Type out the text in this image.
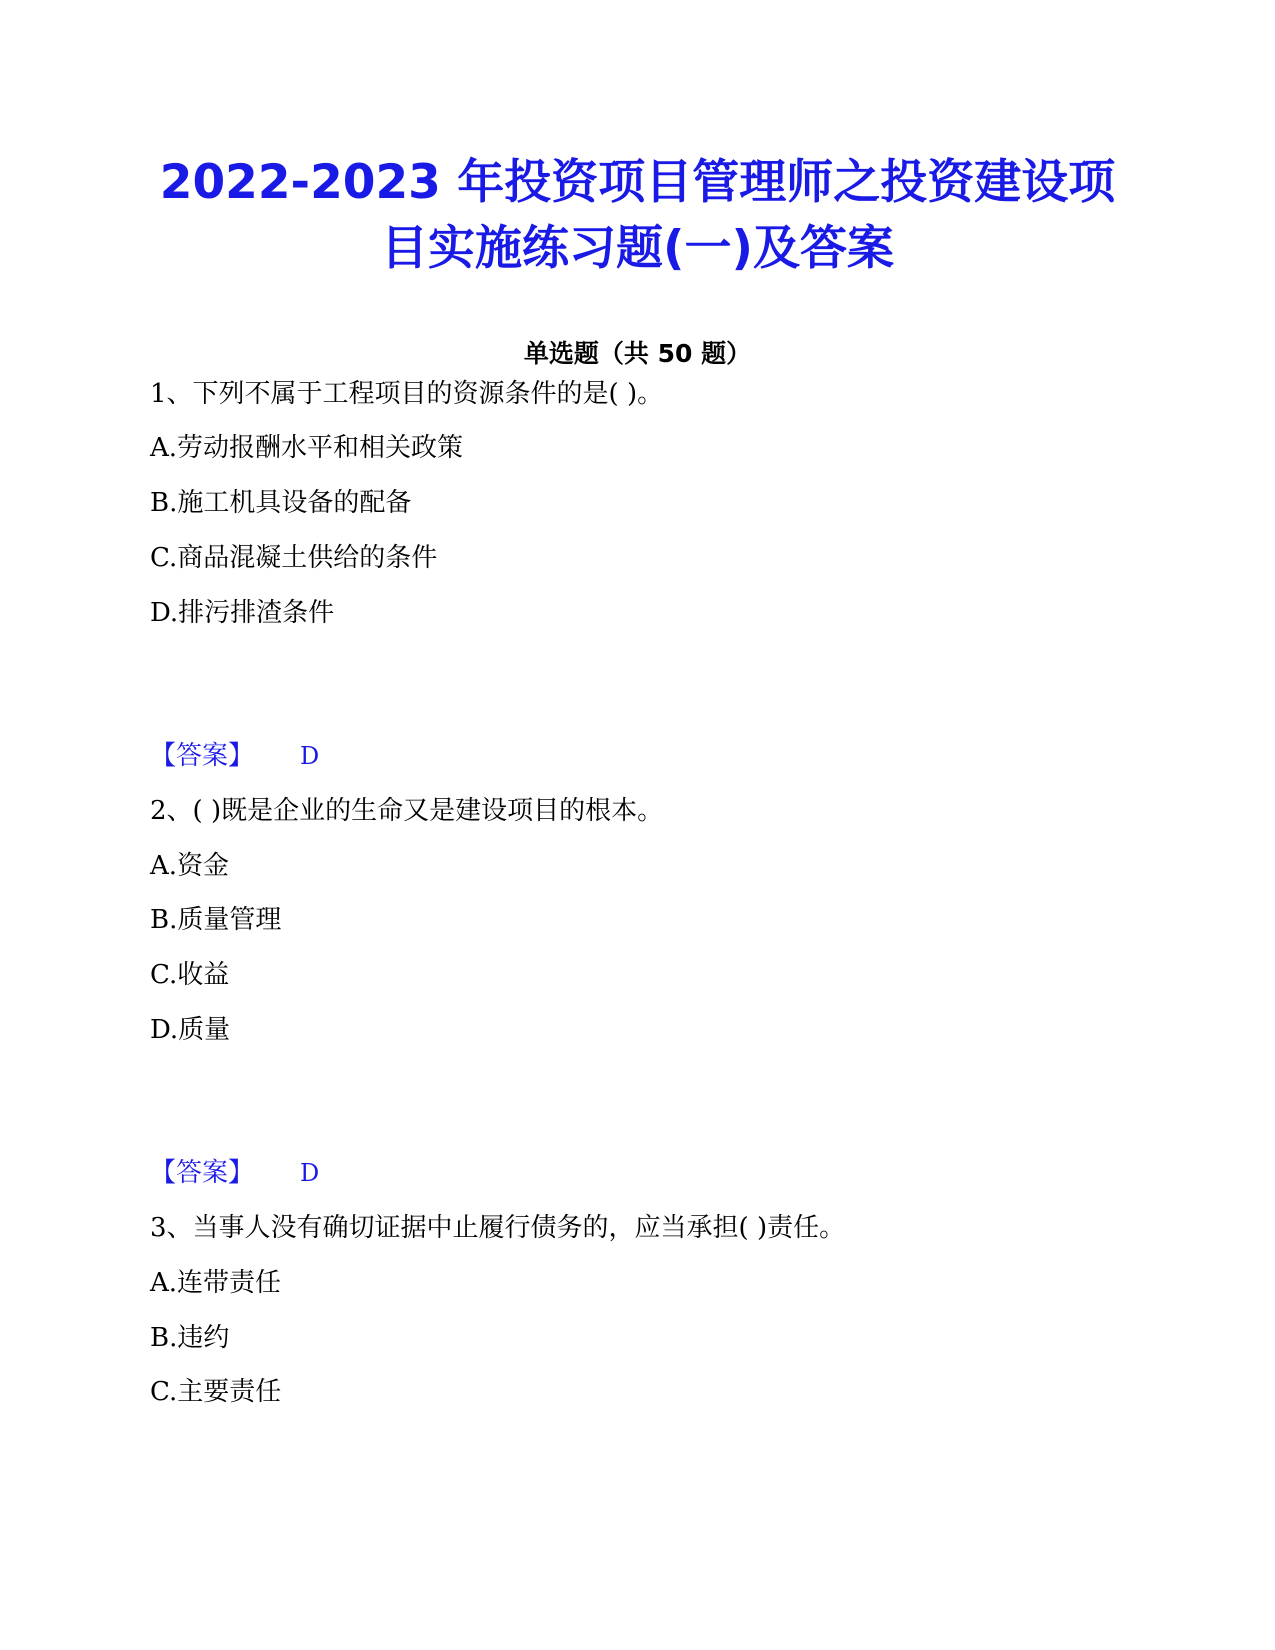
2022-2023 年投资项目管理师之投资建设项
目实施练习题(一)及答案
单选题（共 50 题）
1、下列不属于工程项目的资源条件的是( )。
A.劳动报酬水平和相关政策
B.施工机具设备的配备
C.商品混凝土供给的条件
D.排污排渣条件
【答案】 D
2、( )既是企业的生命又是建设项目的根本。
A.资金
B.质量管理
C.收益
D.质量
【答案】 D
3、当事人没有确切证据中止履行债务的，应当承担( )责任。
A.连带责任
B.违约
C.主要责任
